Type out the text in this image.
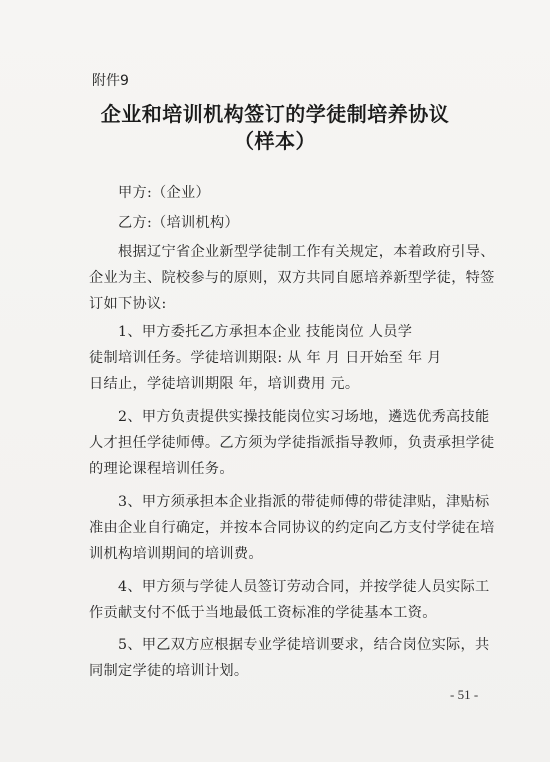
附件9
企业和培训机构签订的学徒制培养协议
（样本）
甲方:（企业）
乙方:（培训机构）
根据辽宁省企业新型学徒制工作有关规定，本着政府引导、
企业为主、院校参与的原则，双方共同自愿培养新型学徒，特签
订如下协议:
1、甲方委托乙方承担本企业 技能岗位 人员学
徒制培训任务。学徒培训期限: 从 年 月 日开始至 年 月
日结止，学徒培训期限 年，培训费用 元。
2、甲方负责提供实操技能岗位实习场地，遴选优秀高技能
人才担任学徒师傅。乙方须为学徒指派指导教师，负责承担学徒
的理论课程培训任务。
3、甲方须承担本企业指派的带徒师傅的带徒津贴，津贴标
准由企业自行确定，并按本合同协议的约定向乙方支付学徒在培
训机构培训期间的培训费。
4、甲方须与学徒人员签订劳动合同，并按学徒人员实际工
作贡献支付不低于当地最低工资标准的学徒基本工资。
5、甲乙双方应根据专业学徒培训要求，结合岗位实际，共
同制定学徒的培训计划。
- 51 -
